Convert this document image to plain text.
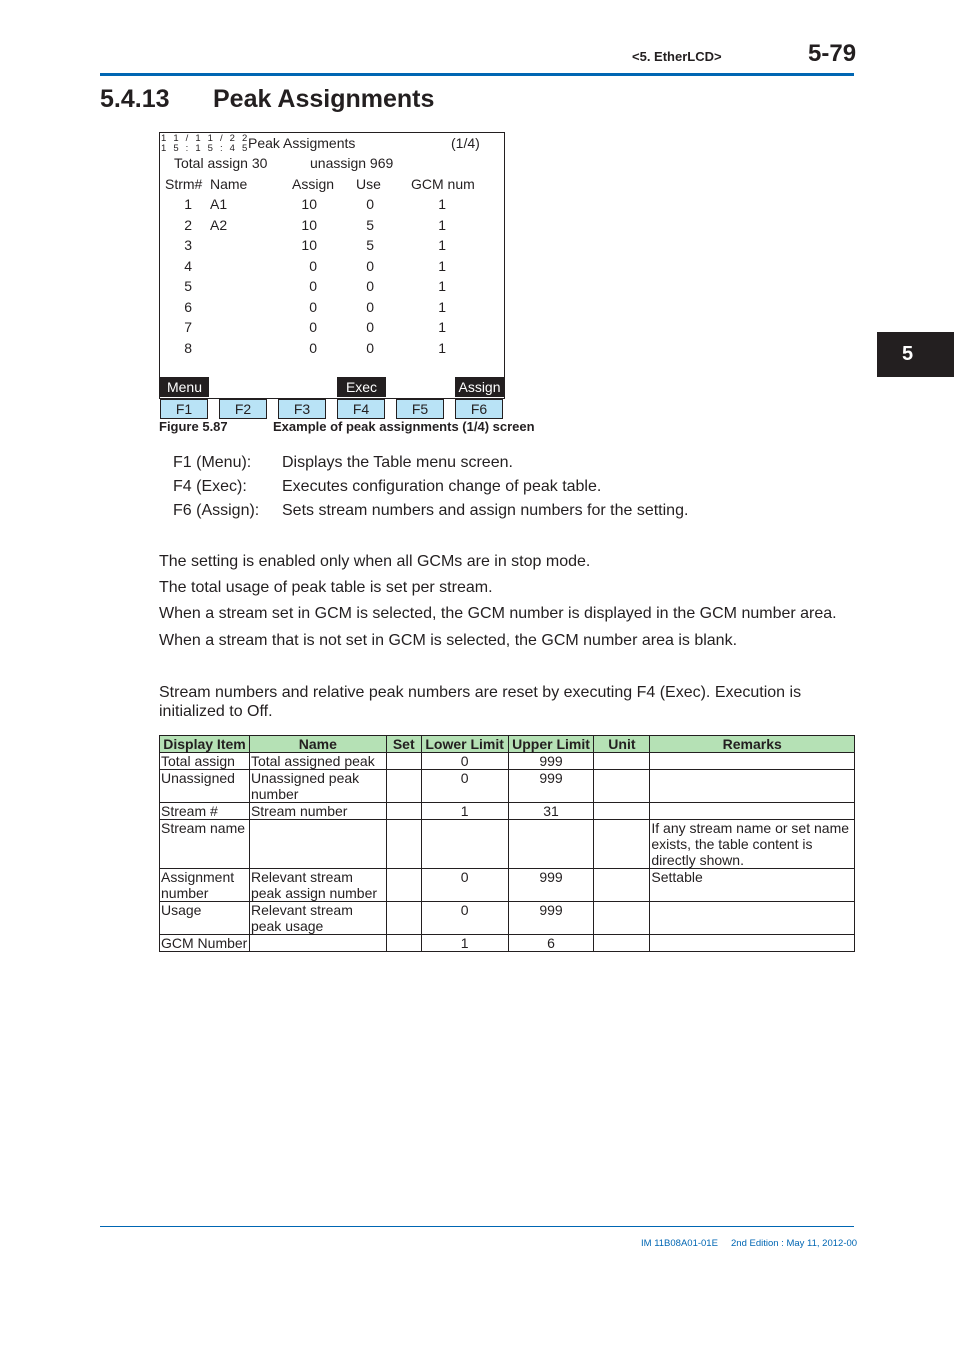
<5. EtherLCD>	5-79
5.4.13 Peak Assignments
5
1 1 / 1 1 / 2 2
1 5 : 1 5 : 4 5
Peak Assigments	(1/4)
Total assign 30	unassign 969
Strm# Name	Assign Use GCM num
1 A1	10	0	1
2 A2	10	5	1
3	10	5	1
4	0	0	1
5	0	0	1
6	0	0	1
7	0	0	1
8	0	0	1
Menu	Exec	Assign
F1	F2	F3	F4	F5	F6
Figure 5.87	Example of peak assignments (1/4) screen
F1 (Menu): Displays the Table menu screen.
F4 (Exec): Executes configuration change of peak table.
F6 (Assign): Sets stream numbers and assign numbers for the setting.
The setting is enabled only when all GCMs are in stop mode.
The total usage of peak table is set per stream.
When a stream set in GCM is selected, the GCM number is displayed in the GCM number area.
When a stream that is not set in GCM is selected, the GCM number area is blank.
Stream numbers and relative peak numbers are reset by executing F4 (Exec). Execution is initialized to Off.
Display Item	Name	Set	Lower Limit	Upper Limit	Unit	Remarks
Total assign	Total assigned peak		0	999		
Unassigned	Unassigned peak number		0	999		
Stream #	Stream number		1	31		
Stream name						If any stream name or set name exists, the table content is directly shown.
Assignment number	Relevant stream peak assign number		0	999		Settable
Usage	Relevant stream peak usage		0	999		
GCM Number			1	6		
IM 11B08A01-01E 2nd Edition : May 11, 2012-00
